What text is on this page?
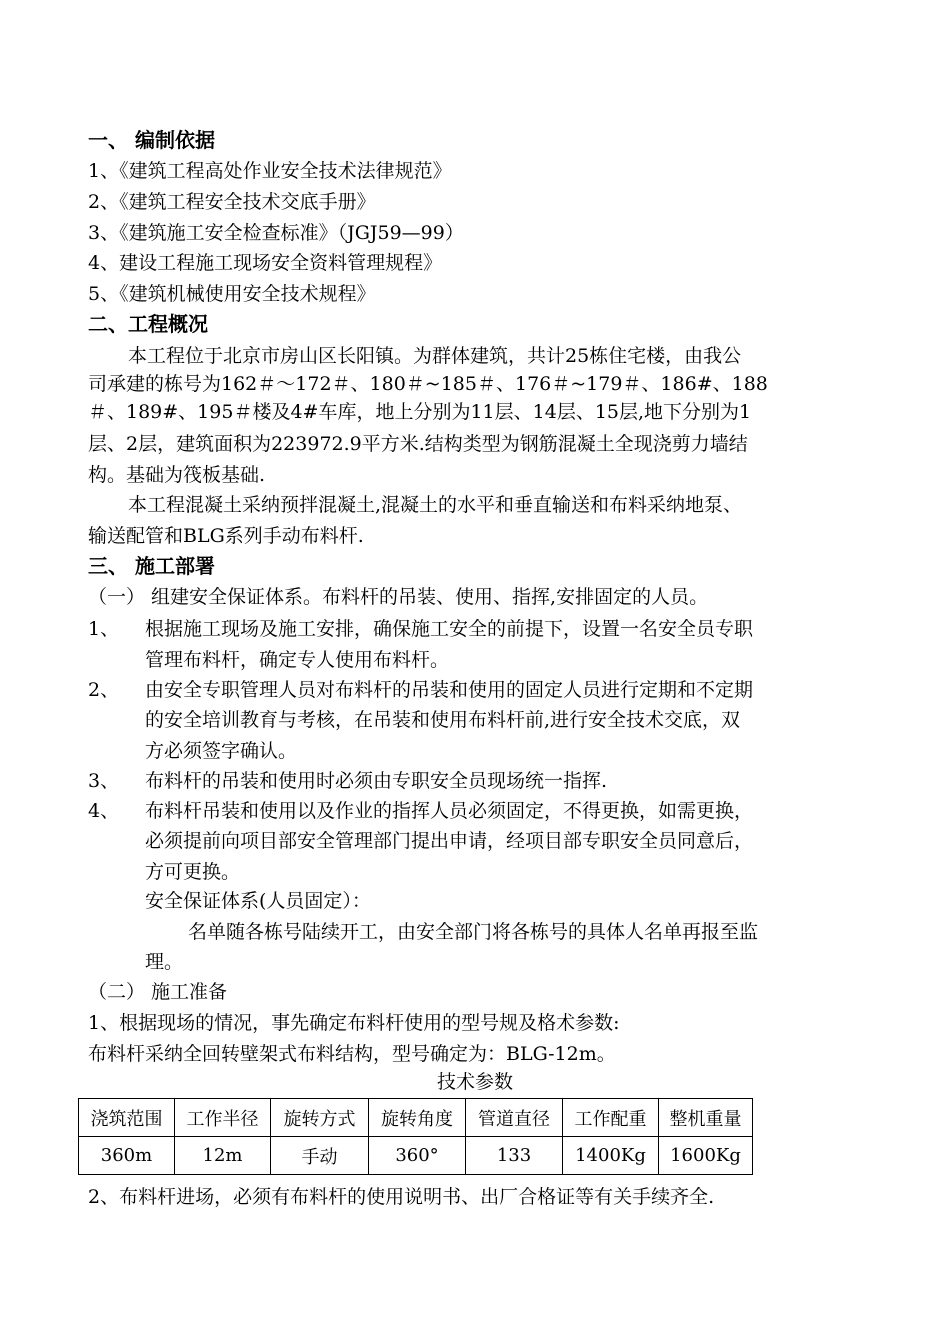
一、 编制依据
1、《建筑工程高处作业安全技术法律规范》
2、《建筑工程安全技术交底手册》
3、《建筑施工安全检查标准》（JGJ59—99）
4、建设工程施工现场安全资料管理规程》
5、《建筑机械使用安全技术规程》
二、工程概况
本工程位于北京市房山区长阳镇。为群体建筑，共计25栋住宅楼，由我公
司承建的栋号为162＃～172＃、180＃~185＃、176＃~179＃、186#、188
＃、189#、195＃楼及4#车库，地上分别为11层、14层、15层,地下分别为1
层、2层，建筑面积为223972.9平方米.结构类型为钢筋混凝土全现浇剪力墙结
构。基础为筏板基础.
本工程混凝土采纳预拌混凝土,混凝土的水平和垂直输送和布料采纳地泵、
输送配管和BLG系列手动布料杆.
三、 施工部署
（一） 组建安全保证体系。布料杆的吊装、使用、指挥,安排固定的人员。
1、 根据施工现场及施工安排，确保施工安全的前提下，设置一名安全员专职
管理布料杆，确定专人使用布料杆。
2、 由安全专职管理人员对布料杆的吊装和使用的固定人员进行定期和不定期
的安全培训教育与考核，在吊装和使用布料杆前,进行安全技术交底，双
方必须签字确认。
3、 布料杆的吊装和使用时必须由专职安全员现场统一指挥.
4、 布料杆吊装和使用以及作业的指挥人员必须固定，不得更换，如需更换，
必须提前向项目部安全管理部门提出申请，经项目部专职安全员同意后，
方可更换。
安全保证体系(人员固定）：
名单随各栋号陆续开工，由安全部门将各栋号的具体人名单再报至监
理。
（二） 施工准备
1、根据现场的情况，事先确定布料杆使用的型号规及格术参数:
布料杆采纳全回转壁架式布料结构，型号确定为：BLG-12m。
技术参数
浇筑范围	工作半径	旋转方式	旋转角度	管道直径	工作配重	整机重量
360m	12m	手动	360°	133	1400Kg	1600Kg
2、布料杆进场，必须有布料杆的使用说明书、出厂合格证等有关手续齐全.
